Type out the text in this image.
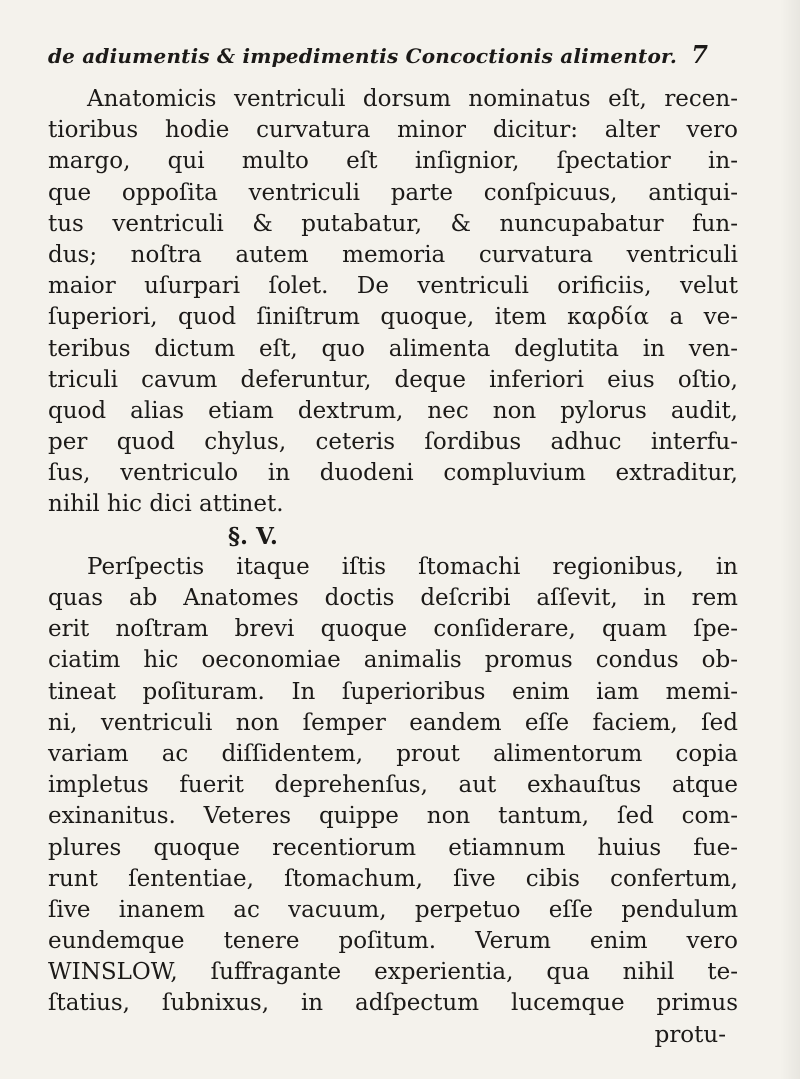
de adiumentis & impedimentis Concoctionis alimentor. 7
Anatomicis ventriculi dorsum nominatus eſt, recen-
tioribus hodie curvatura minor dicitur: alter vero
margo, qui multo eſt inſignior, ſpectatior in-
que oppoſita ventriculi parte conſpicuus, antiqui-
tus ventriculi & putabatur, & nuncupabatur fun-
dus; noſtra autem memoria curvatura ventriculi
maior uſurpari ſolet. De ventriculi orificiis, velut
ſuperiori, quod ſiniſtrum quoque, item καρδία a ve-
teribus dictum eſt, quo alimenta deglutita in ven-
triculi cavum deferuntur, deque inferiori eius oſtio,
quod alias etiam dextrum, nec non pylorus audit,
per quod chylus, ceteris ſordibus adhuc interfu-
ſus, ventriculo in duodeni compluvium extraditur,
nihil hic dici attinet.
§. V.
Perſpectis itaque iſtis ſtomachi regionibus, in
quas ab Anatomes doctis deſcribi aſſevit, in rem
erit noſtram brevi quoque conſiderare, quam ſpe-
ciatim hic oeconomiae animalis promus condus ob-
tineat poſituram. In ſuperioribus enim iam memi-
ni, ventriculi non ſemper eandem eſſe faciem, ſed
variam ac diſſidentem, prout alimentorum copia
impletus fuerit deprehenſus, aut exhauſtus atque
exinanitus. Veteres quippe non tantum, ſed com-
plures quoque recentiorum etiamnum huius fue-
runt ſententiae, ſtomachum, ſive cibis confertum,
ſive inanem ac vacuum, perpetuo eſſe pendulum
eundemque tenere poſitum. Verum enim vero
WINSLOW, ſuffragante experientia, qua nihil te-
ſtatius, ſubnixus, in adſpectum lucemque primus
protu-
